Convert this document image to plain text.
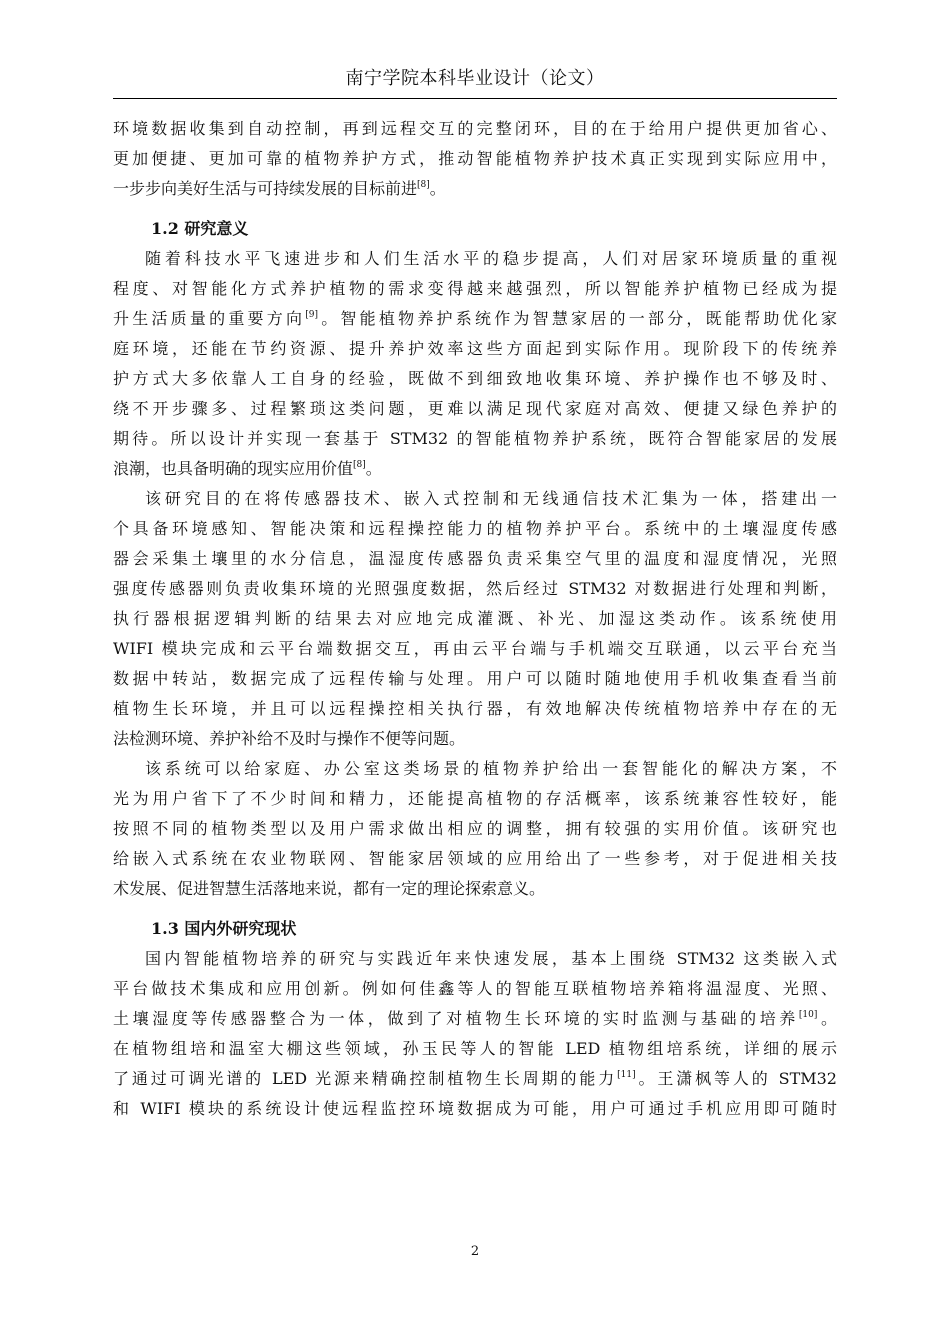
南宁学院本科毕业设计（论文）

环境数据收集到自动控制，再到远程交互的完整闭环，目的在于给用户提供更加省心、

更加便捷、更加可靠的植物养护方式，推动智能植物养护技术真正实现到实际应用中，

一步步向美好生活与可持续发展的目标前进[8]。

1.2 研究意义

随着科技水平飞速进步和人们生活水平的稳步提高，人们对居家环境质量的重视

程度、对智能化方式养护植物的需求变得越来越强烈，所以智能养护植物已经成为提

升生活质量的重要方向[9]。智能植物养护系统作为智慧家居的一部分，既能帮助优化家

庭环境，还能在节约资源、提升养护效率这些方面起到实际作用。现阶段下的传统养

护方式大多依靠人工自身的经验，既做不到细致地收集环境、养护操作也不够及时、

绕不开步骤多、过程繁琐这类问题，更难以满足现代家庭对高效、便捷又绿色养护的

期待。所以设计并实现一套基于 STM32 的智能植物养护系统，既符合智能家居的发展

浪潮，也具备明确的现实应用价值[8]。

该研究目的在将传感器技术、嵌入式控制和无线通信技术汇集为一体，搭建出一

个具备环境感知、智能决策和远程操控能力的植物养护平台。系统中的土壤湿度传感

器会采集土壤里的水分信息，温湿度传感器负责采集空气里的温度和湿度情况，光照

强度传感器则负责收集环境的光照强度数据，然后经过 STM32 对数据进行处理和判断，

执行器根据逻辑判断的结果去对应地完成灌溉、补光、加湿这类动作。该系统使用

WIFI 模块完成和云平台端数据交互，再由云平台端与手机端交互联通，以云平台充当

数据中转站，数据完成了远程传输与处理。用户可以随时随地使用手机收集查看当前

植物生长环境，并且可以远程操控相关执行器，有效地解决传统植物培养中存在的无

法检测环境、养护补给不及时与操作不便等问题。

该系统可以给家庭、办公室这类场景的植物养护给出一套智能化的解决方案，不

光为用户省下了不少时间和精力，还能提高植物的存活概率，该系统兼容性较好，能

按照不同的植物类型以及用户需求做出相应的调整，拥有较强的实用价值。该研究也

给嵌入式系统在农业物联网、智能家居领域的应用给出了一些参考，对于促进相关技

术发展、促进智慧生活落地来说，都有一定的理论探索意义。

1.3 国内外研究现状

国内智能植物培养的研究与实践近年来快速发展，基本上围绕 STM32 这类嵌入式

平台做技术集成和应用创新。例如何佳鑫等人的智能互联植物培养箱将温湿度、光照、

土壤湿度等传感器整合为一体，做到了对植物生长环境的实时监测与基础的培养[10]。

在植物组培和温室大棚这些领域，孙玉民等人的智能 LED 植物组培系统，详细的展示

了通过可调光谱的 LED 光源来精确控制植物生长周期的能力[11]。王潇枫等人的 STM32

和 WIFI 模块的系统设计使远程监控环境数据成为可能，用户可通过手机应用即可随时

2
